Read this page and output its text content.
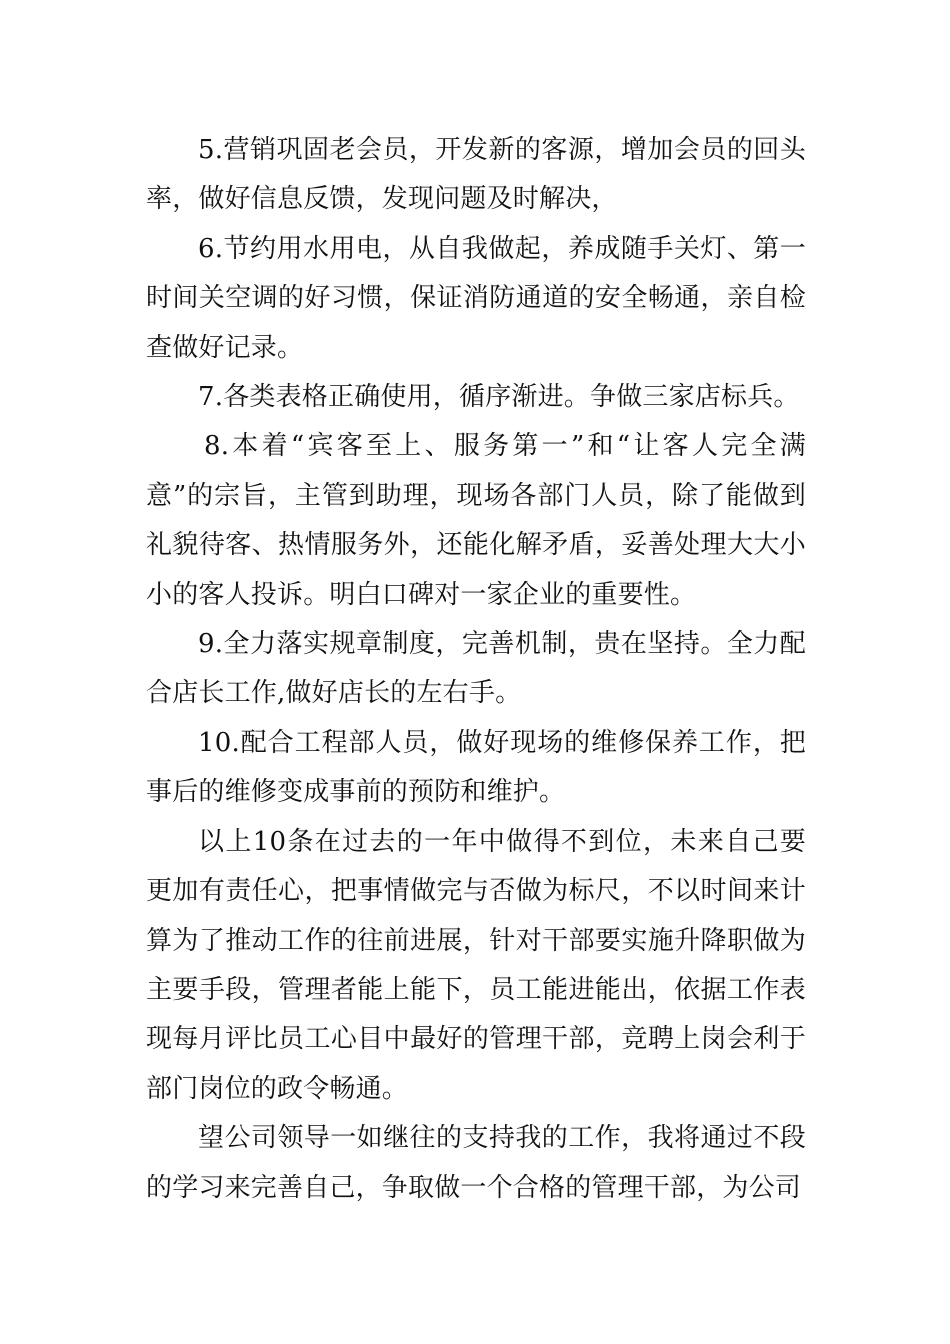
5.营销巩固老会员，开发新的客源，增加会员的回头率，做好信息反馈，发现问题及时解决，

6.节约用水用电，从自我做起，养成随手关灯、第一时间关空调的好习惯，保证消防通道的安全畅通，亲自检查做好记录。

7.各类表格正确使用，循序渐进。争做三家店标兵。

8.本着“宾客至上、服务第一”和“让客人完全满意”的宗旨，主管到助理，现场各部门人员，除了能做到礼貌待客、热情服务外，还能化解矛盾，妥善处理大大小小的客人投诉。明白口碑对一家企业的重要性。

9.全力落实规章制度，完善机制，贵在坚持。全力配合店长工作,做好店长的左右手。

10.配合工程部人员，做好现场的维修保养工作，把事后的维修变成事前的预防和维护。

以上10条在过去的一年中做得不到位，未来自己要更加有责任心，把事情做完与否做为标尺，不以时间来计算为了推动工作的往前进展，针对干部要实施升降职做为主要手段，管理者能上能下，员工能进能出，依据工作表现每月评比员工心目中最好的管理干部，竞聘上岗会利于部门岗位的政令畅通。

望公司领导一如继往的支持我的工作，我将通过不段的学习来完善自己，争取做一个合格的管理干部，为公司
